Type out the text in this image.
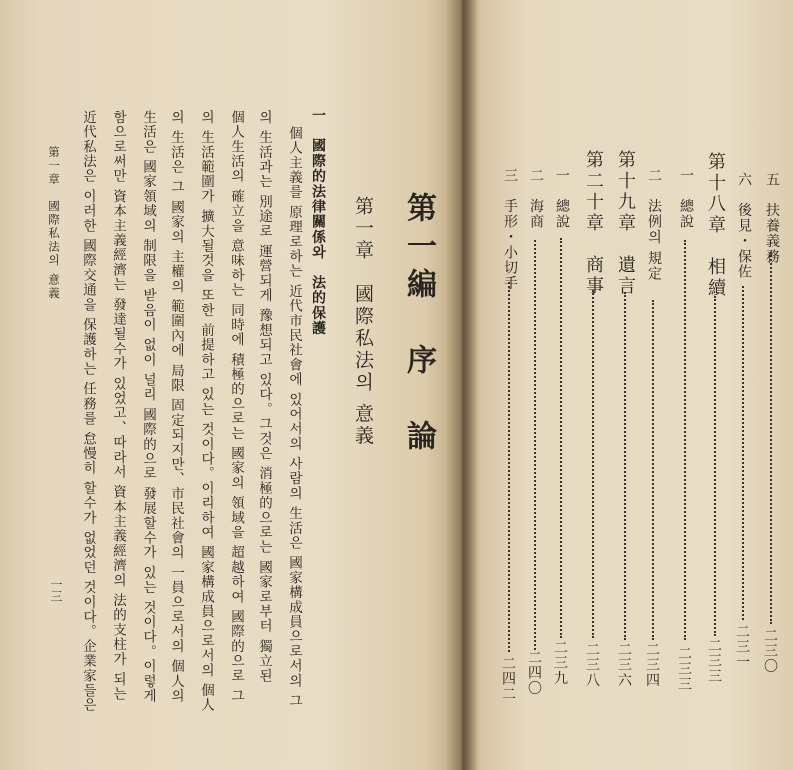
一三
第一章　國際私法의 意義 近代私法은 이러한 國際交通을 保護하는 任務를 怠慢히 할수가 없었던 것이다。企業家들은 함으로써만 資本主義經濟는 發達될수가 있었고、따라서 資本主義經濟의 法的支柱가 되는 生活은 國家領域의 制限을 받음이 없이 널리 國際的으로 發展할수가 있는 것이다。이렇게 의 生活은 그 國家의 主權의 範圍內에 局限 固定되지만、市民社會의 一員으로서의 個人의 의 生活範圍가 擴大될것을 또한 前提하고 있는 것이다。이리하여 國家構成員으로서의 個人 個人生活의 確立을 意味하는 同時에 積極的으로는 國家의 領域을 超越하여 國際的으로 그 의 生活과는 別途로 運營되게 豫想되고 있다。그것은 消極的으로는 國家로부터 獨立된 個人主義를 原理로하는 近代市民社會에 있어서의 사람의 生活은 國家構成員으로서의 그 一　國際的法律關係와　法的保護 第一章　國際私法의 意義 第一編　序　論	三　手形・小切手
二四二
二　海商
二四〇
一　總說
二三九
第二十章　商事
二三八
第十九章　遺言
二三六
二　法例의 規定
二三四
一　總說
二三三
第十八章　相續
二三三
六　後見・保佐
二三一
五　扶養義務
二三〇
